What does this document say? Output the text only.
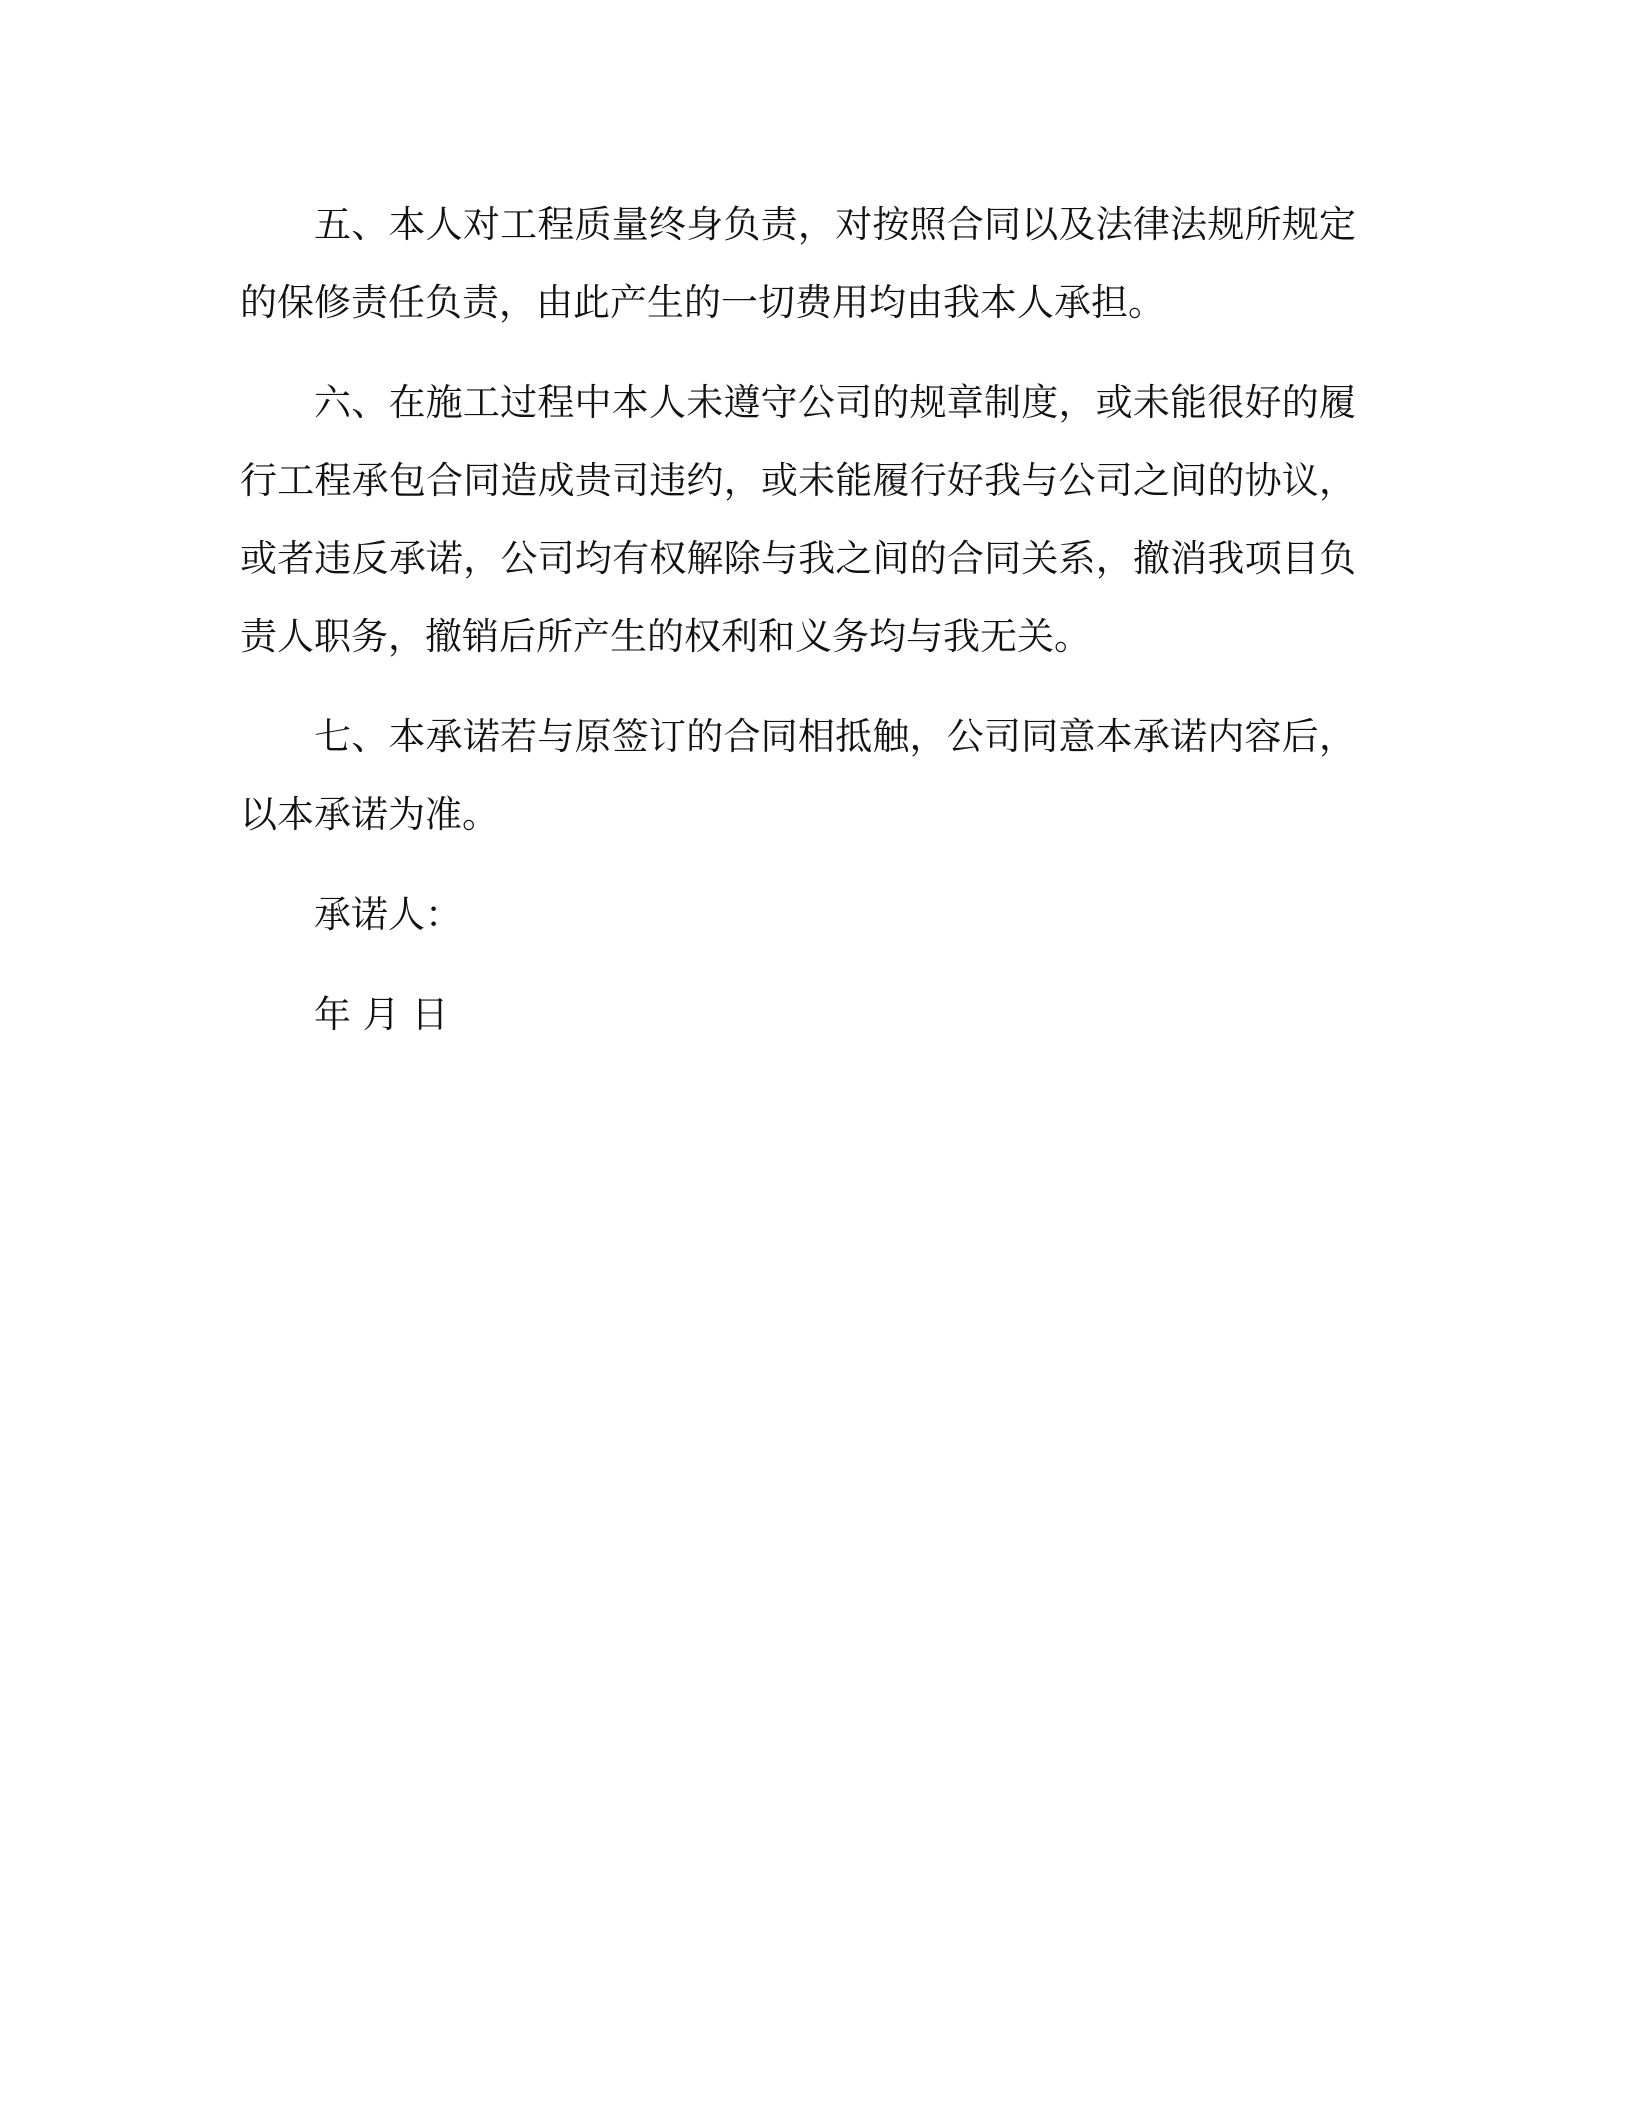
五、本人对工程质量终身负责，对按照合同以及法律法规所规定的保修责任负责，由此产生的一切费用均由我本人承担。

六、在施工过程中本人未遵守公司的规章制度，或未能很好的履行工程承包合同造成贵司违约，或未能履行好我与公司之间的协议，或者违反承诺，公司均有权解除与我之间的合同关系，撤消我项目负责人职务，撤销后所产生的权利和义务均与我无关。

七、本承诺若与原签订的合同相抵触，公司同意本承诺内容后，以本承诺为准。

承诺人：
年 月 日
